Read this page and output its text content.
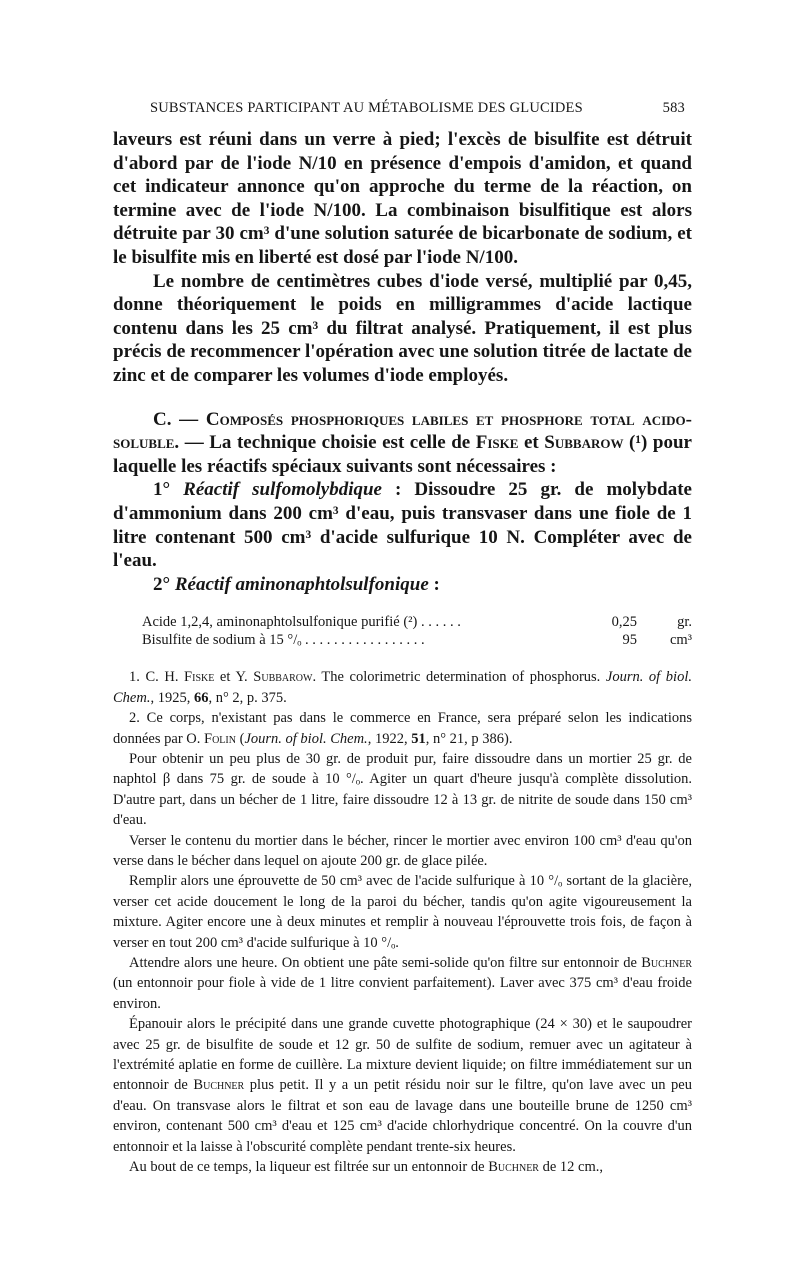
SUBSTANCES PARTICIPANT AU MÉTABOLISME DES GLUCIDES	583

laveurs est réuni dans un verre à pied; l'excès de bisulfite est détruit d'abord par de l'iode N/10 en présence d'empois d'amidon, et quand cet indicateur annonce qu'on approche du terme de la réaction, on termine avec de l'iode N/100. La combinaison bisulfitique est alors détruite par 30 cm³ d'une solution saturée de bicarbonate de sodium, et le bisulfite mis en liberté est dosé par l'iode N/100.

Le nombre de centimètres cubes d'iode versé, multiplié par 0,45, donne théoriquement le poids en milligrammes d'acide lactique contenu dans les 25 cm³ du filtrat analysé. Pratiquement, il est plus précis de recommencer l'opération avec une solution titrée de lactate de zinc et de comparer les volumes d'iode employés.

C. — Composés phosphoriques labiles et phosphore total acido-soluble. — La technique choisie est celle de Fiske et Subbarow (¹) pour laquelle les réactifs spéciaux suivants sont nécessaires :

1° Réactif sulfomolybdique : Dissoudre 25 gr. de molybdate d'ammonium dans 200 cm³ d'eau, puis transvaser dans une fiole de 1 litre contenant 500 cm³ d'acide sulfurique 10 N. Compléter avec de l'eau.

2° Réactif aminonaphtolsulfonique :

Acide 1,2,4, aminonaphtolsulfonique purifié (²) . . . . . .	0,25	gr.
Bisulfite de sodium à 15 °/ₒ . . . . . . . . . . . . . . . . .	95	cm³

1. C. H. Fiske et Y. Subbarow. The colorimetric determination of phosphorus. Journ. of biol. Chem., 1925, 66, n° 2, p. 375.

2. Ce corps, n'existant pas dans le commerce en France, sera préparé selon les indications données par O. Folin (Journ. of biol. Chem., 1922, 51, n° 21, p 386).

Pour obtenir un peu plus de 30 gr. de produit pur, faire dissoudre dans un mortier 25 gr. de naphtol β dans 75 gr. de soude à 10 °/ₒ. Agiter un quart d'heure jusqu'à complète dissolution. D'autre part, dans un bécher de 1 litre, faire dissoudre 12 à 13 gr. de nitrite de soude dans 150 cm³ d'eau.

Verser le contenu du mortier dans le bécher, rincer le mortier avec environ 100 cm³ d'eau qu'on verse dans le bécher dans lequel on ajoute 200 gr. de glace pilée.

Remplir alors une éprouvette de 50 cm³ avec de l'acide sulfurique à 10 °/ₒ sortant de la glacière, verser cet acide doucement le long de la paroi du bécher, tandis qu'on agite vigoureusement la mixture. Agiter encore une à deux minutes et remplir à nouveau l'éprouvette trois fois, de façon à verser en tout 200 cm³ d'acide sulfurique à 10 °/ₒ.

Attendre alors une heure. On obtient une pâte semi-solide qu'on filtre sur entonnoir de Buchner (un entonnoir pour fiole à vide de 1 litre convient parfaitement). Laver avec 375 cm³ d'eau froide environ.

Épanouir alors le précipité dans une grande cuvette photographique (24 × 30) et le saupoudrer avec 25 gr. de bisulfite de soude et 12 gr. 50 de sulfite de sodium, remuer avec un agitateur à l'extrémité aplatie en forme de cuillère. La mixture devient liquide; on filtre immédiatement sur un entonnoir de Buchner plus petit. Il y a un petit résidu noir sur le filtre, qu'on lave avec un peu d'eau. On transvase alors le filtrat et son eau de lavage dans une bouteille brune de 1250 cm³ environ, contenant 500 cm³ d'eau et 125 cm³ d'acide chlorhydrique concentré. On la couvre d'un entonnoir et la laisse à l'obscurité complète pendant trente-six heures.

Au bout de ce temps, la liqueur est filtrée sur un entonnoir de Buchner de 12 cm.,
